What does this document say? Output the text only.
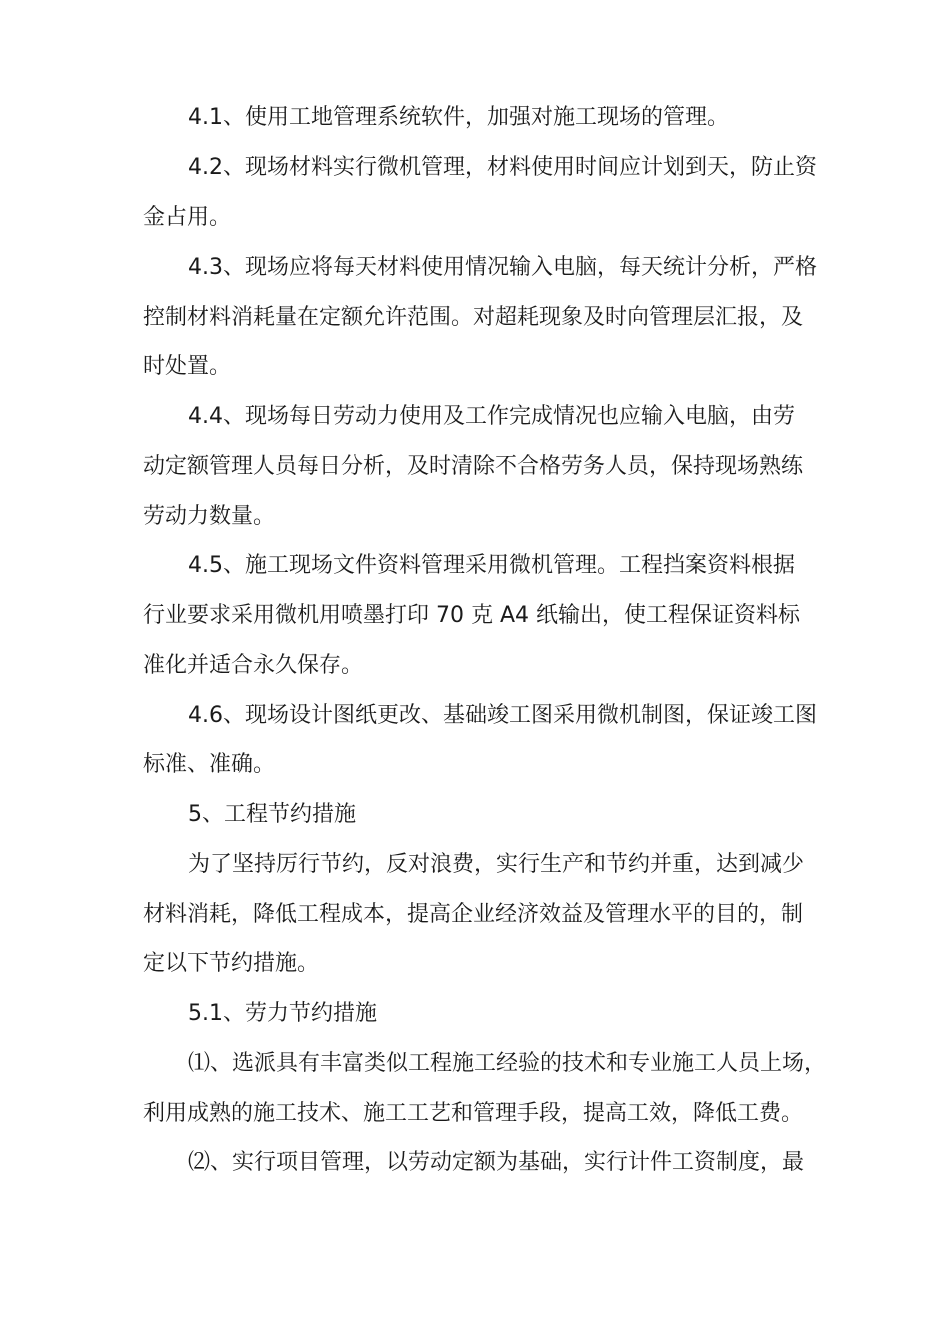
4.1、使用工地管理系统软件，加强对施工现场的管理。
4.2、现场材料实行微机管理，材料使用时间应计划到天，防止资
金占用。
4.3、现场应将每天材料使用情况输入电脑，每天统计分析，严格
控制材料消耗量在定额允许范围。对超耗现象及时向管理层汇报，及
时处置。
4.4、现场每日劳动力使用及工作完成情况也应输入电脑，由劳
动定额管理人员每日分析，及时清除不合格劳务人员，保持现场熟练
劳动力数量。
4.5、施工现场文件资料管理采用微机管理。工程挡案资料根据
行业要求采用微机用喷墨打印 70 克 A4 纸输出，使工程保证资料标
准化并适合永久保存。
4.6、现场设计图纸更改、基础竣工图采用微机制图，保证竣工图
标准、准确。
5、工程节约措施
为了坚持厉行节约，反对浪费，实行生产和节约并重，达到减少
材料消耗，降低工程成本，提高企业经济效益及管理水平的目的，制
定以下节约措施。
5.1、劳力节约措施
⑴、选派具有丰富类似工程施工经验的技术和专业施工人员上场，
利用成熟的施工技术、施工工艺和管理手段，提高工效，降低工费。
⑵、实行项目管理，以劳动定额为基础，实行计件工资制度，最
